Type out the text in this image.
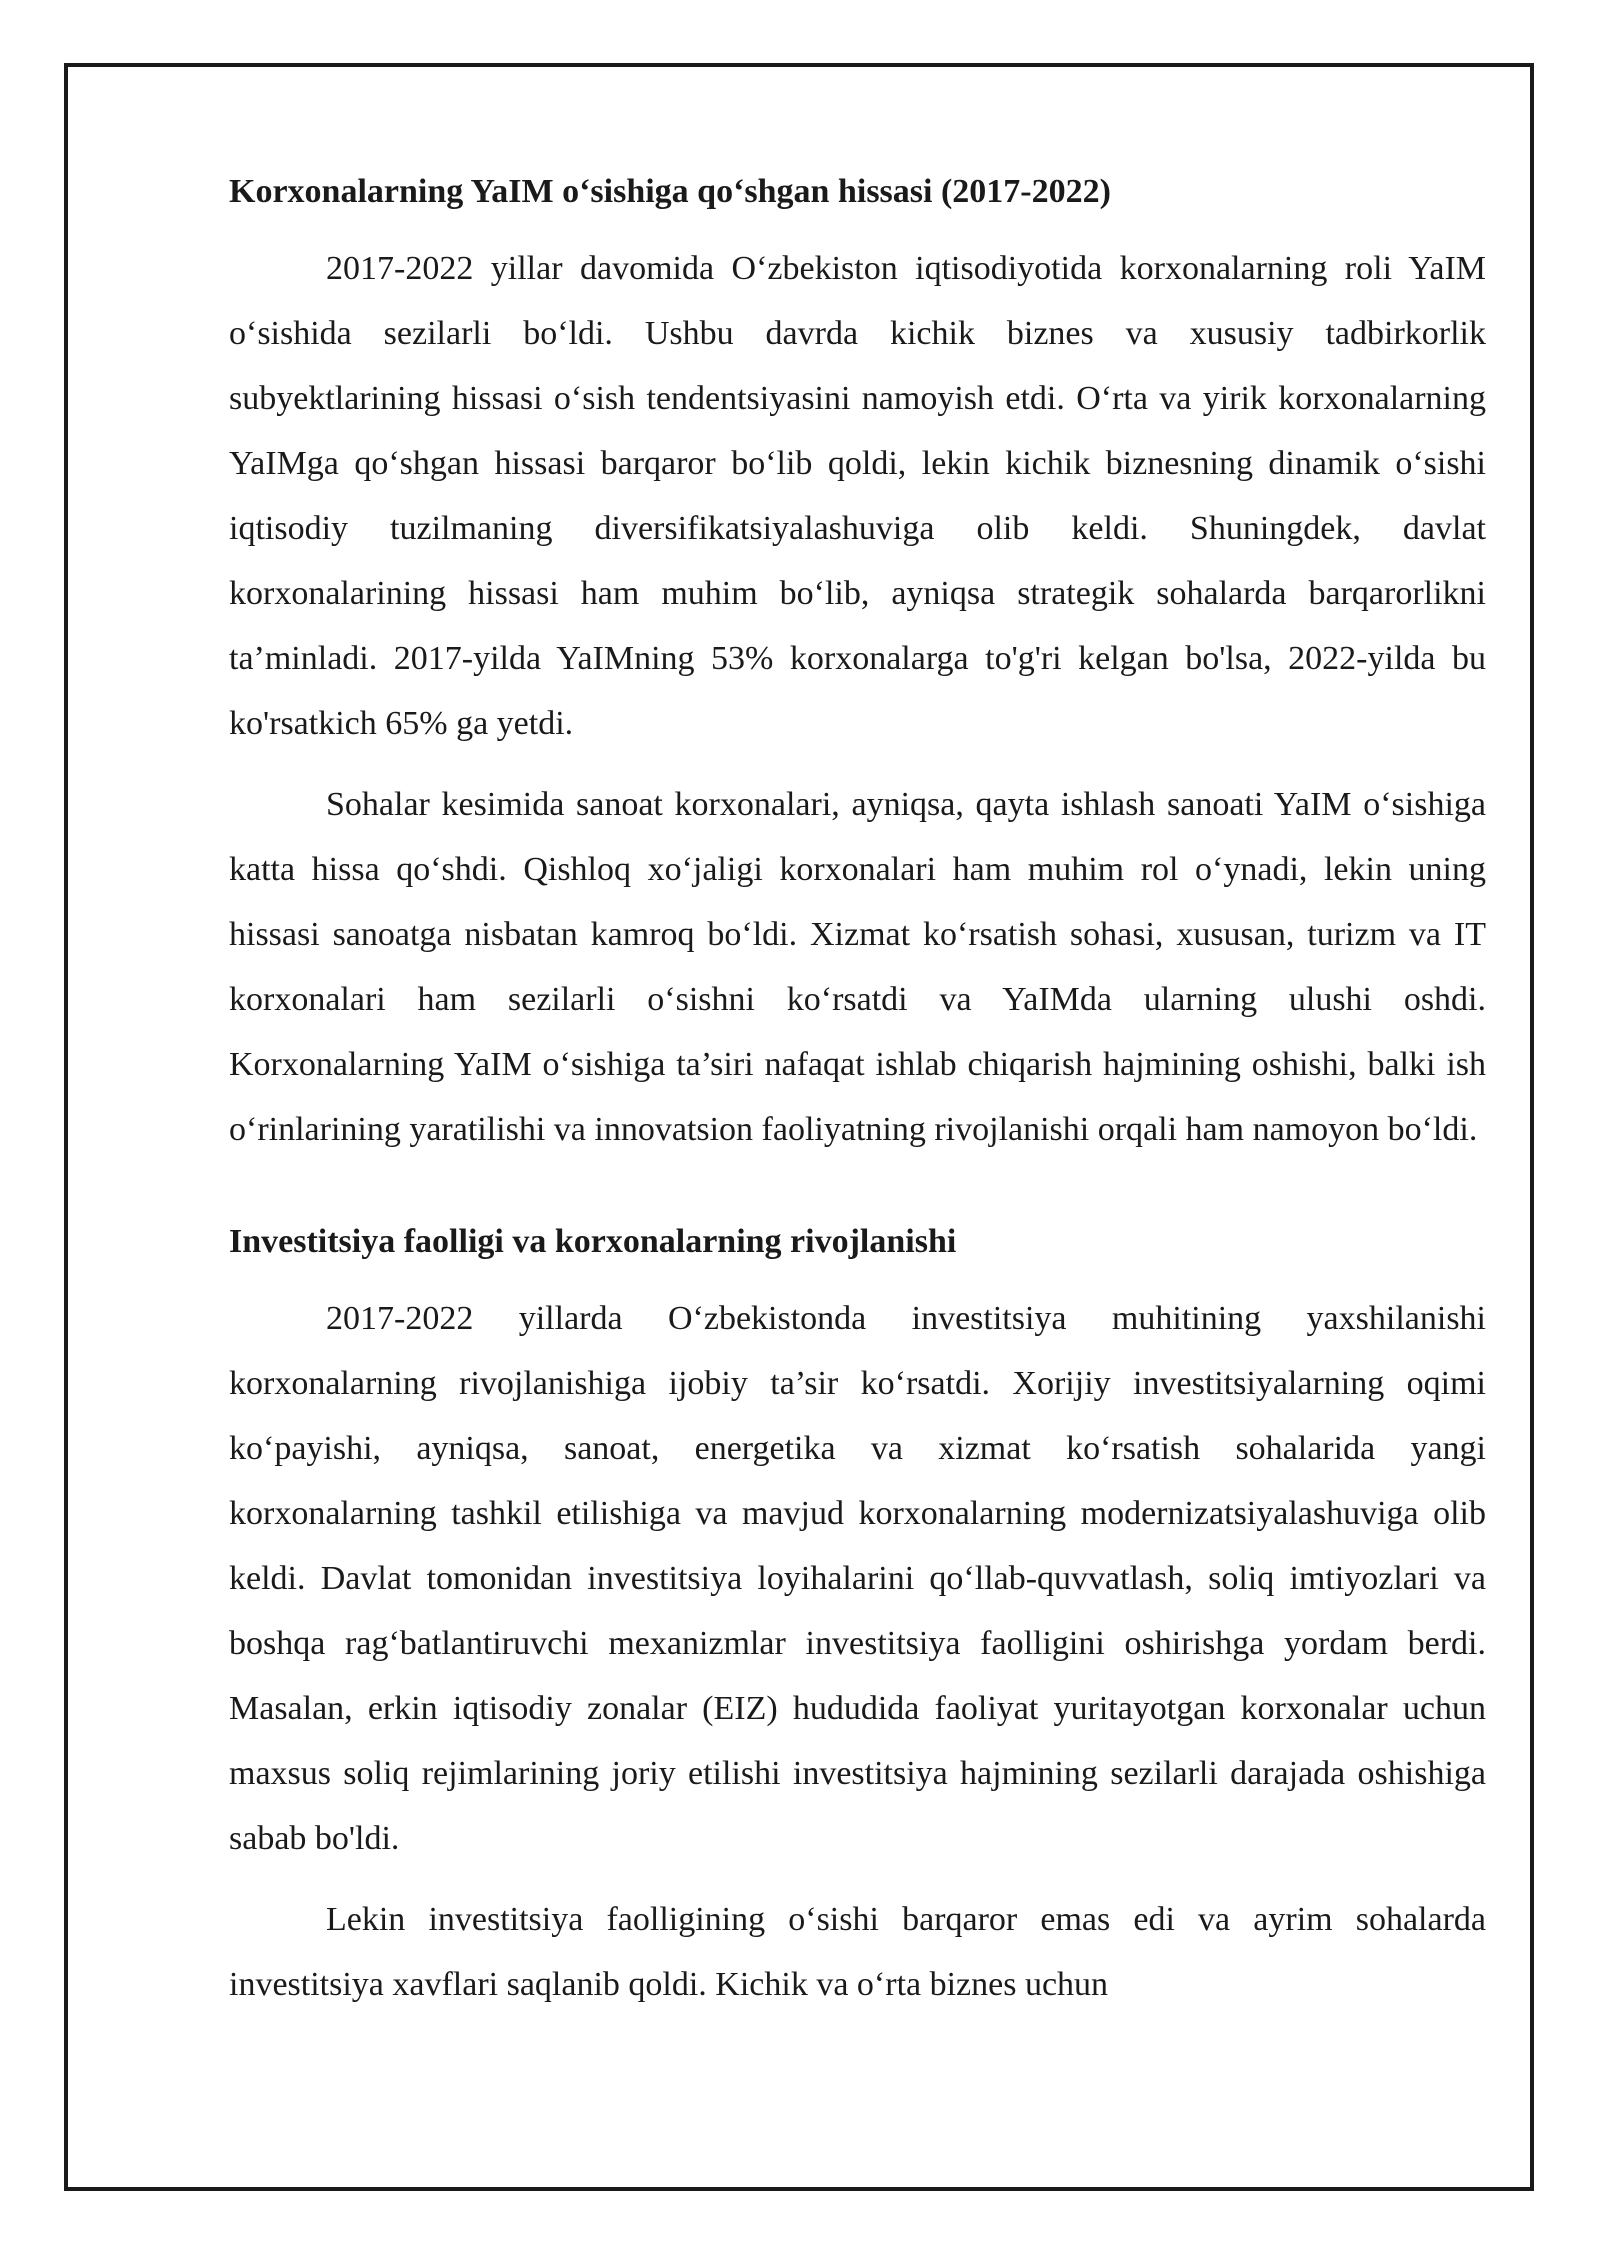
Korxonalarning YaIM o‘sishiga qo‘shgan hissasi (2017-2022)

2017-2022 yillar davomida O‘zbekiston iqtisodiyotida korxonalarning roli YaIM o‘sishida sezilarli bo‘ldi. Ushbu davrda kichik biznes va xususiy tadbirkorlik subyektlarining hissasi o‘sish tendentsiyasini namoyish etdi. O‘rta va yirik korxonalarning YaIMga qo‘shgan hissasi barqaror bo‘lib qoldi, lekin kichik biznesning dinamik o‘sishi iqtisodiy tuzilmaning diversifikatsiyalashuviga olib keldi. Shuningdek, davlat korxonalarining hissasi ham muhim bo‘lib, ayniqsa strategik sohalarda barqarorlikni ta’minladi. 2017-yilda YaIMning 53% korxonalarga to'g'ri kelgan bo'lsa, 2022-yilda bu ko'rsatkich 65% ga yetdi.

Sohalar kesimida sanoat korxonalari, ayniqsa, qayta ishlash sanoati YaIM o‘sishiga katta hissa qo‘shdi. Qishloq xo‘jaligi korxonalari ham muhim rol o‘ynadi, lekin uning hissasi sanoatga nisbatan kamroq bo‘ldi. Xizmat ko‘rsatish sohasi, xususan, turizm va IT korxonalari ham sezilarli o‘sishni ko‘rsatdi va YaIMda ularning ulushi oshdi. Korxonalarning YaIM o‘sishiga ta’siri nafaqat ishlab chiqarish hajmining oshishi, balki ish o‘rinlarining yaratilishi va innovatsion faoliyatning rivojlanishi orqali ham namoyon bo‘ldi.

Investitsiya faolligi va korxonalarning rivojlanishi

2017-2022 yillarda O‘zbekistonda investitsiya muhitining yaxshilanishi korxonalarning rivojlanishiga ijobiy ta’sir ko‘rsatdi. Xorijiy investitsiyalarning oqimi ko‘payishi, ayniqsa, sanoat, energetika va xizmat ko‘rsatish sohalarida yangi korxonalarning tashkil etilishiga va mavjud korxonalarning modernizatsiyalashuviga olib keldi. Davlat tomonidan investitsiya loyihalarini qo‘llab-quvvatlash, soliq imtiyozlari va boshqa rag‘batlantiruvchi mexanizmlar investitsiya faolligini oshirishga yordam berdi. Masalan, erkin iqtisodiy zonalar (EIZ) hududida faoliyat yuritayotgan korxonalar uchun maxsus soliq rejimlarining joriy etilishi investitsiya hajmining sezilarli darajada oshishiga sabab bo'ldi.

Lekin investitsiya faolligining o‘sishi barqaror emas edi va ayrim sohalarda investitsiya xavflari saqlanib qoldi. Kichik va o‘rta biznes uchun
